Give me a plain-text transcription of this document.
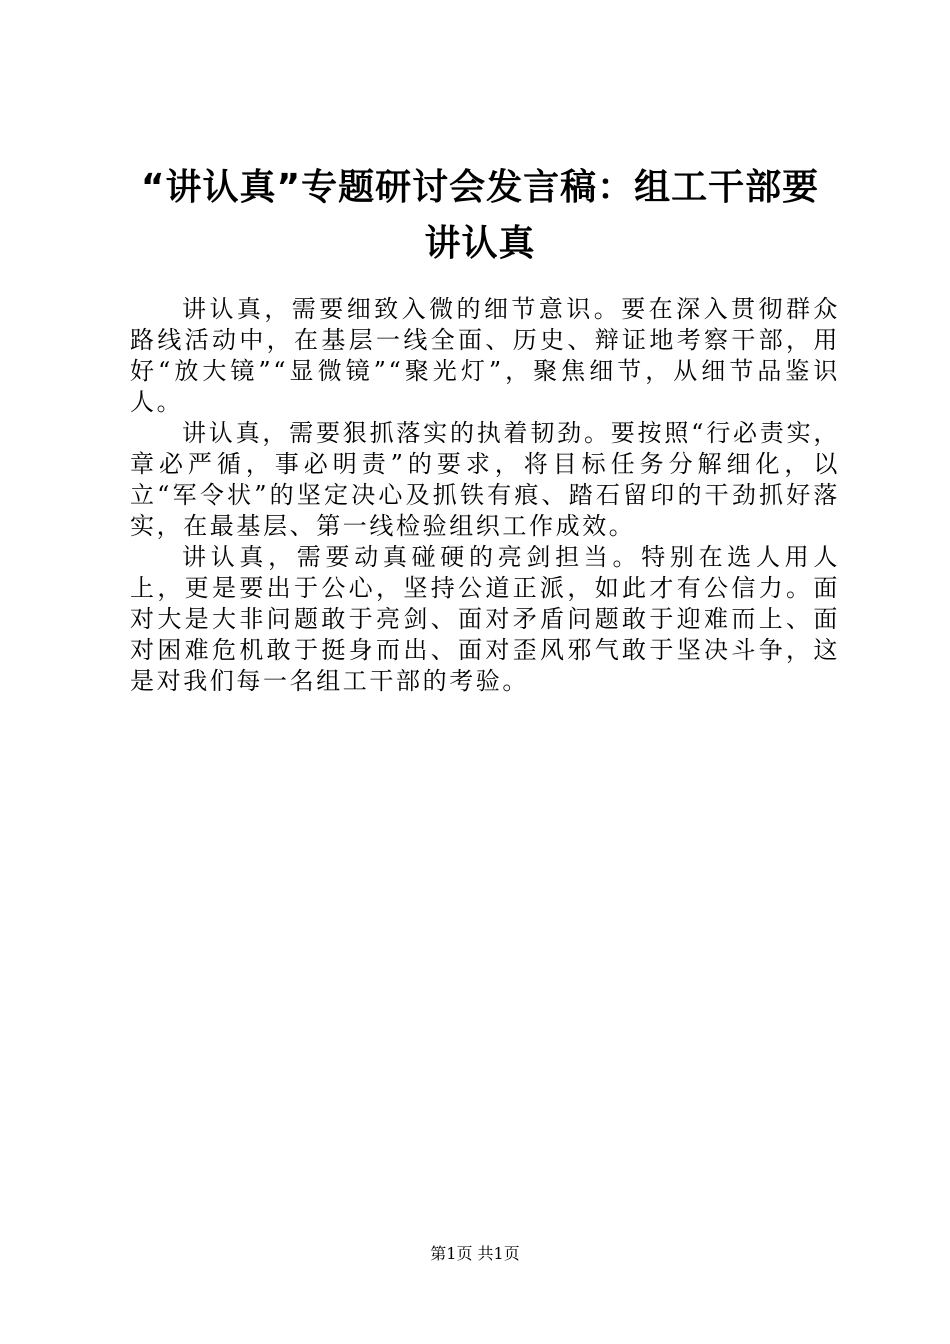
“讲认真”专题研讨会发言稿：组工干部要讲认真

讲认真，需要细致入微的细节意识。要在深入贯彻群众路线活动中，在基层一线全面、历史、辩证地考察干部，用好“放大镜”“显微镜”“聚光灯”，聚焦细节，从细节品鉴识人。

讲认真，需要狠抓落实的执着韧劲。要按照“行必责实，章必严循，事必明责”的要求，将目标任务分解细化，以立“军令状”的坚定决心及抓铁有痕、踏石留印的干劲抓好落实，在最基层、第一线检验组织工作成效。

讲认真，需要动真碰硬的亮剑担当。特别在选人用人上，更是要出于公心，坚持公道正派，如此才有公信力。面对大是大非问题敢于亮剑、面对矛盾问题敢于迎难而上、面对困难危机敢于挺身而出、面对歪风邪气敢于坚决斗争，这是对我们每一名组工干部的考验。

第1页 共1页
